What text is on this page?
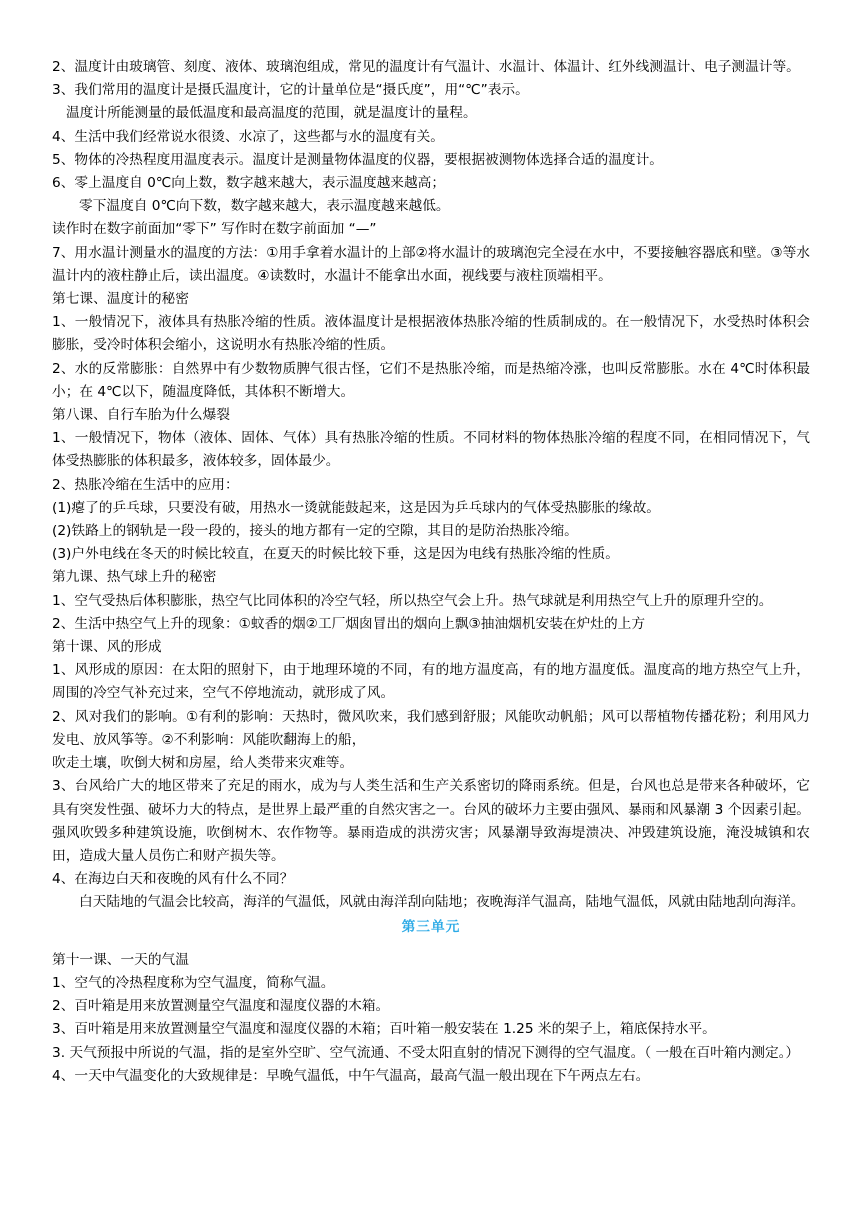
2、温度计由玻璃管、刻度、液体、玻璃泡组成，常见的温度计有气温计、水温计、体温计、红外线测温计、电子测温计等。

3、我们常用的温度计是摄氏温度计，它的计量单位是“摄氏度”，用“℃”表示。

温度计所能测量的最低温度和最高温度的范围，就是温度计的量程。

4、生活中我们经常说水很烫、水凉了，这些都与水的温度有关。

5、物体的冷热程度用温度表示。温度计是测量物体温度的仪器，要根据被测物体选择合适的温度计。

6、零上温度自 0℃向上数，数字越来越大，表示温度越来越高；

零下温度自 0℃向下数，数字越来越大，表示温度越来越低。

读作时在数字前面加“零下” 写作时在数字前面加 “—”

7、用水温计测量水的温度的方法：①用手拿着水温计的上部②将水温计的玻璃泡完全浸在水中，不要接触容器底和壁。③等水温计内的液柱静止后，读出温度。④读数时，水温计不能拿出水面，视线要与液柱顶端相平。

第七课、温度计的秘密

1、一般情况下，液体具有热胀冷缩的性质。液体温度计是根据液体热胀冷缩的性质制成的。在一般情况下，水受热时体积会膨胀，受冷时体积会缩小，这说明水有热胀冷缩的性质。

2、水的反常膨胀：自然界中有少数物质脾气很古怪，它们不是热胀冷缩，而是热缩冷涨，也叫反常膨胀。水在 4℃时体积最小；在 4℃以下，随温度降低，其体积不断增大。

第八课、自行车胎为什么爆裂

1、一般情况下，物体（液体、固体、气体）具有热胀冷缩的性质。不同材料的物体热胀冷缩的程度不同，在相同情况下，气体受热膨胀的体积最多，液体较多，固体最少。

2、热胀冷缩在生活中的应用：

(1)瘪了的乒乓球，只要没有破，用热水一烫就能鼓起来，这是因为乒乓球内的气体受热膨胀的缘故。

(2)铁路上的钢轨是一段一段的，接头的地方都有一定的空隙，其目的是防治热胀冷缩。

(3)户外电线在冬天的时候比较直，在夏天的时候比较下垂，这是因为电线有热胀冷缩的性质。

第九课、热气球上升的秘密

1、空气受热后体积膨胀，热空气比同体积的冷空气轻，所以热空气会上升。热气球就是利用热空气上升的原理升空的。

2、生活中热空气上升的现象：①蚊香的烟②工厂烟囱冒出的烟向上飘③抽油烟机安装在炉灶的上方

第十课、风的形成

1、风形成的原因：在太阳的照射下，由于地理环境的不同，有的地方温度高，有的地方温度低。温度高的地方热空气上升，周围的冷空气补充过来，空气不停地流动，就形成了风。

2、风对我们的影响。①有利的影响：天热时，微风吹来，我们感到舒服；风能吹动帆船；风可以帮植物传播花粉；利用风力发电、放风筝等。②不利影响：风能吹翻海上的船，

吹走土壤，吹倒大树和房屋，给人类带来灾难等。

3、台风给广大的地区带来了充足的雨水，成为与人类生活和生产关系密切的降雨系统。但是，台风也总是带来各种破坏，它具有突发性强、破坏力大的特点，是世界上最严重的自然灾害之一。台风的破坏力主要由强风、暴雨和风暴潮 3 个因素引起。强风吹毁多种建筑设施，吹倒树木、农作物等。暴雨造成的洪涝灾害；风暴潮导致海堤溃决、冲毁建筑设施，淹没城镇和农田，造成大量人员伤亡和财产损失等。

4、在海边白天和夜晚的风有什么不同？

白天陆地的气温会比较高，海洋的气温低，风就由海洋刮向陆地；夜晚海洋气温高，陆地气温低，风就由陆地刮向海洋。

第三单元

第十一课、一天的气温

1、空气的冷热程度称为空气温度，简称气温。

2、百叶箱是用来放置测量空气温度和湿度仪器的木箱。

3、百叶箱是用来放置测量空气温度和湿度仪器的木箱；百叶箱一般安装在 1.25 米的架子上，箱底保持水平。

3. 天气预报中所说的气温，指的是室外空旷、空气流通、不受太阳直射的情况下测得的空气温度。（ 一般在百叶箱内测定。）

4、一天中气温变化的大致规律是：早晚气温低，中午气温高，最高气温一般出现在下午两点左右。
